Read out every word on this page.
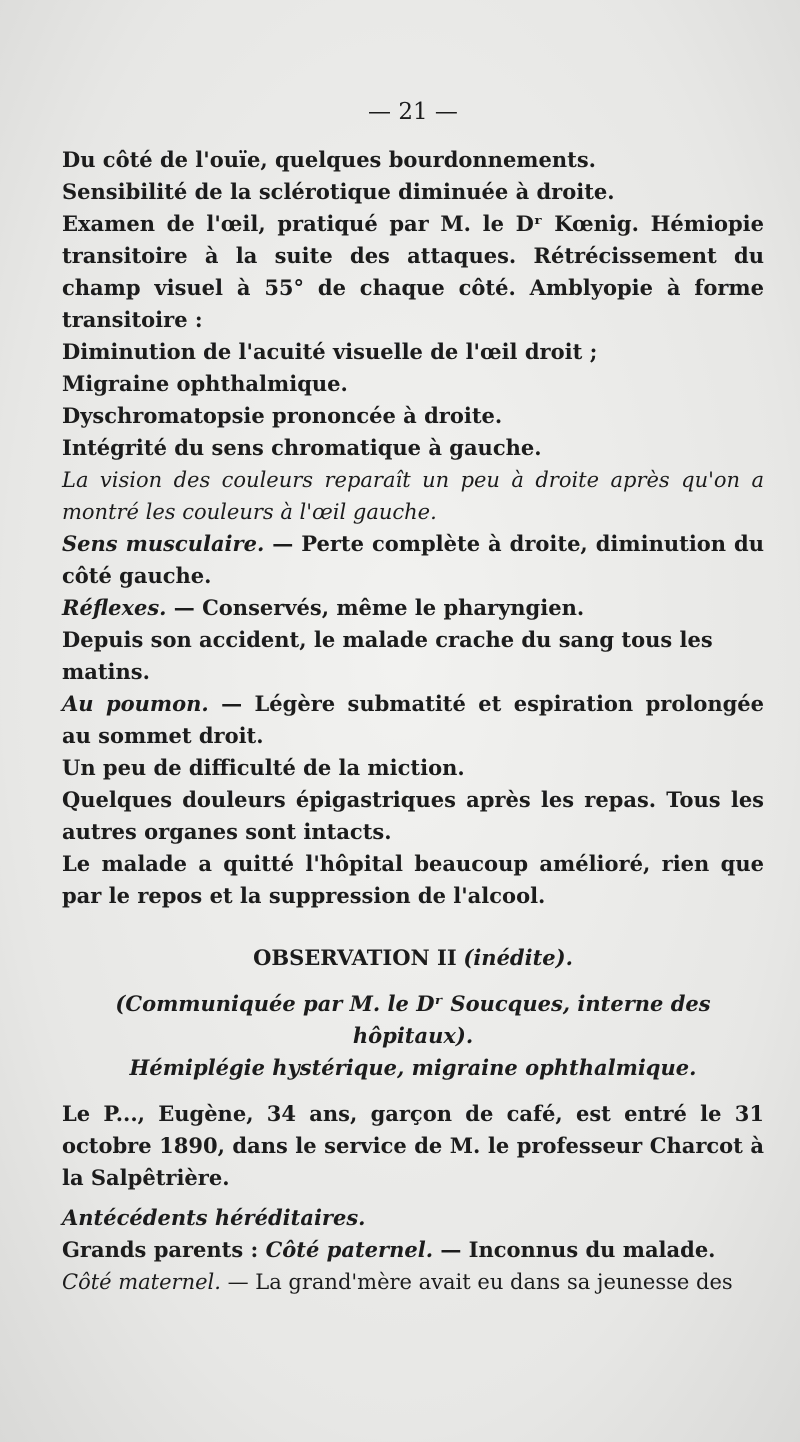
— 21 —

Du côté de l'ouïe, quelques bourdonnements.

Sensibilité de la sclérotique diminuée à droite.

Examen de l'œil, pratiqué par M. le Dʳ Kœnig. Hémiopie transitoire à la suite des attaques. Rétrécissement du champ visuel à 55° de chaque côté. Amblyopie à forme transitoire :

Diminution de l'acuité visuelle de l'œil droit ;

Migraine ophthalmique.

Dyschromatopsie prononcée à droite.

Intégrité du sens chromatique à gauche.

La vision des couleurs reparaît un peu à droite après qu'on a montré les couleurs à l'œil gauche.

Sens musculaire. — Perte complète à droite, diminution du côté gauche.

Réflexes. — Conservés, même le pharyngien.

Depuis son accident, le malade crache du sang tous les matins.

Au poumon. — Légère submatité et espiration prolongée au sommet droit.

Un peu de difficulté de la miction.

Quelques douleurs épigastriques après les repas. Tous les autres organes sont intacts.

Le malade a quitté l'hôpital beaucoup amélioré, rien que par le repos et la suppression de l'alcool.

OBSERVATION II (inédite).

(Communiquée par M. le Dʳ Soucques, interne des hôpitaux).

Hémiplégie hystérique, migraine ophthalmique.

Le P..., Eugène, 34 ans, garçon de café, est entré le 31 octobre 1890, dans le service de M. le professeur Charcot à la Salpêtrière.

Antécédents héréditaires.

Grands parents : Côté paternel. — Inconnus du malade.

Côté maternel. — La grand'mère avait eu dans sa jeunesse des
